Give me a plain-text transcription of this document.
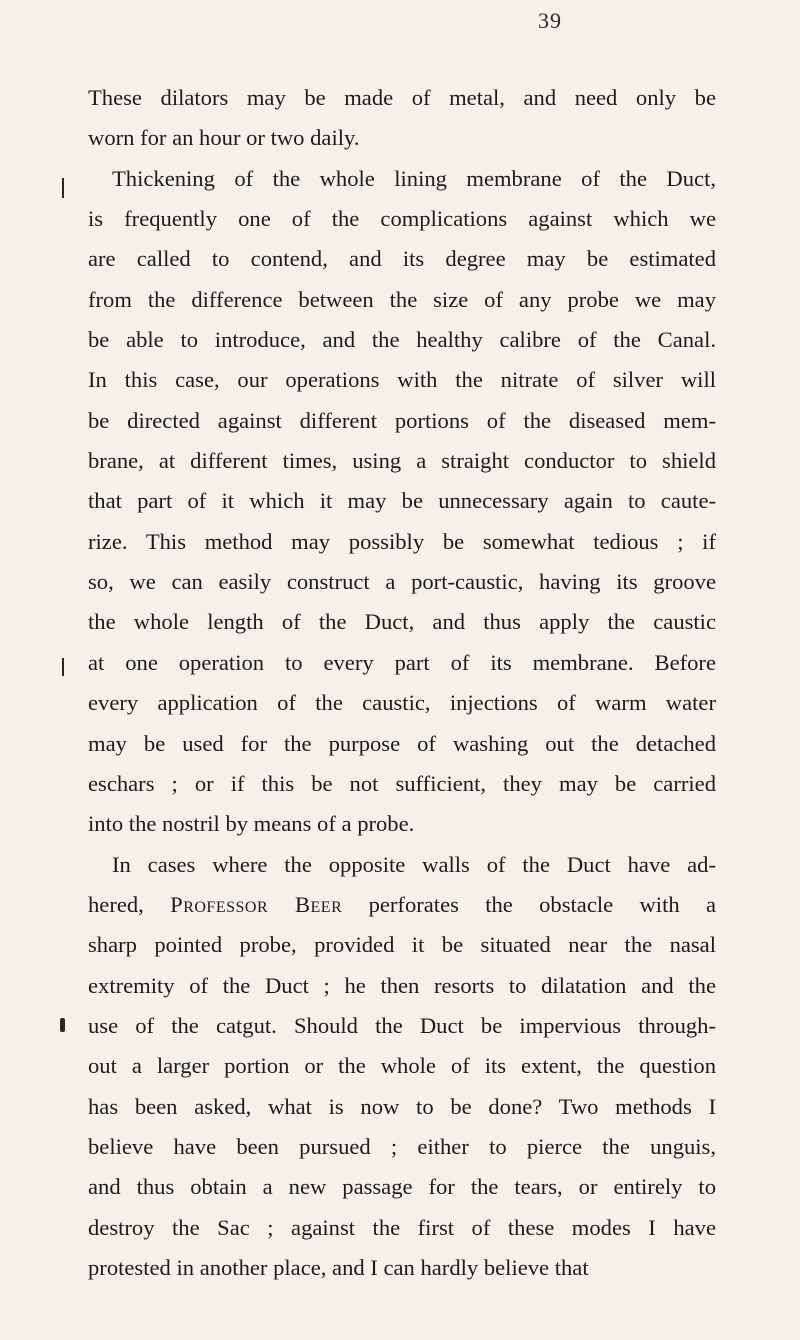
39
These dilators may be made of metal, and need only be
worn for an hour or two daily.
Thickening of the whole lining membrane of the Duct,
is frequently one of the complications against which we
are called to contend, and its degree may be estimated
from the difference between the size of any probe we may
be able to introduce, and the healthy calibre of the Canal.
In this case, our operations with the nitrate of silver will
be directed against different portions of the diseased mem-
brane, at different times, using a straight conductor to shield
that part of it which it may be unnecessary again to caute-
rize. This method may possibly be somewhat tedious ; if
so, we can easily construct a port-caustic, having its groove
the whole length of the Duct, and thus apply the caustic
at one operation to every part of its membrane. Before
every application of the caustic, injections of warm water
may be used for the purpose of washing out the detached
eschars ; or if this be not sufficient, they may be carried
into the nostril by means of a probe.
In cases where the opposite walls of the Duct have ad-
hered, Professor Beer perforates the obstacle with a
sharp pointed probe, provided it be situated near the nasal
extremity of the Duct ; he then resorts to dilatation and the
use of the catgut. Should the Duct be impervious through-
out a larger portion or the whole of its extent, the question
has been asked, what is now to be done? Two methods I
believe have been pursued ; either to pierce the unguis,
and thus obtain a new passage for the tears, or entirely to
destroy the Sac ; against the first of these modes I have
protested in another place, and I can hardly believe that
